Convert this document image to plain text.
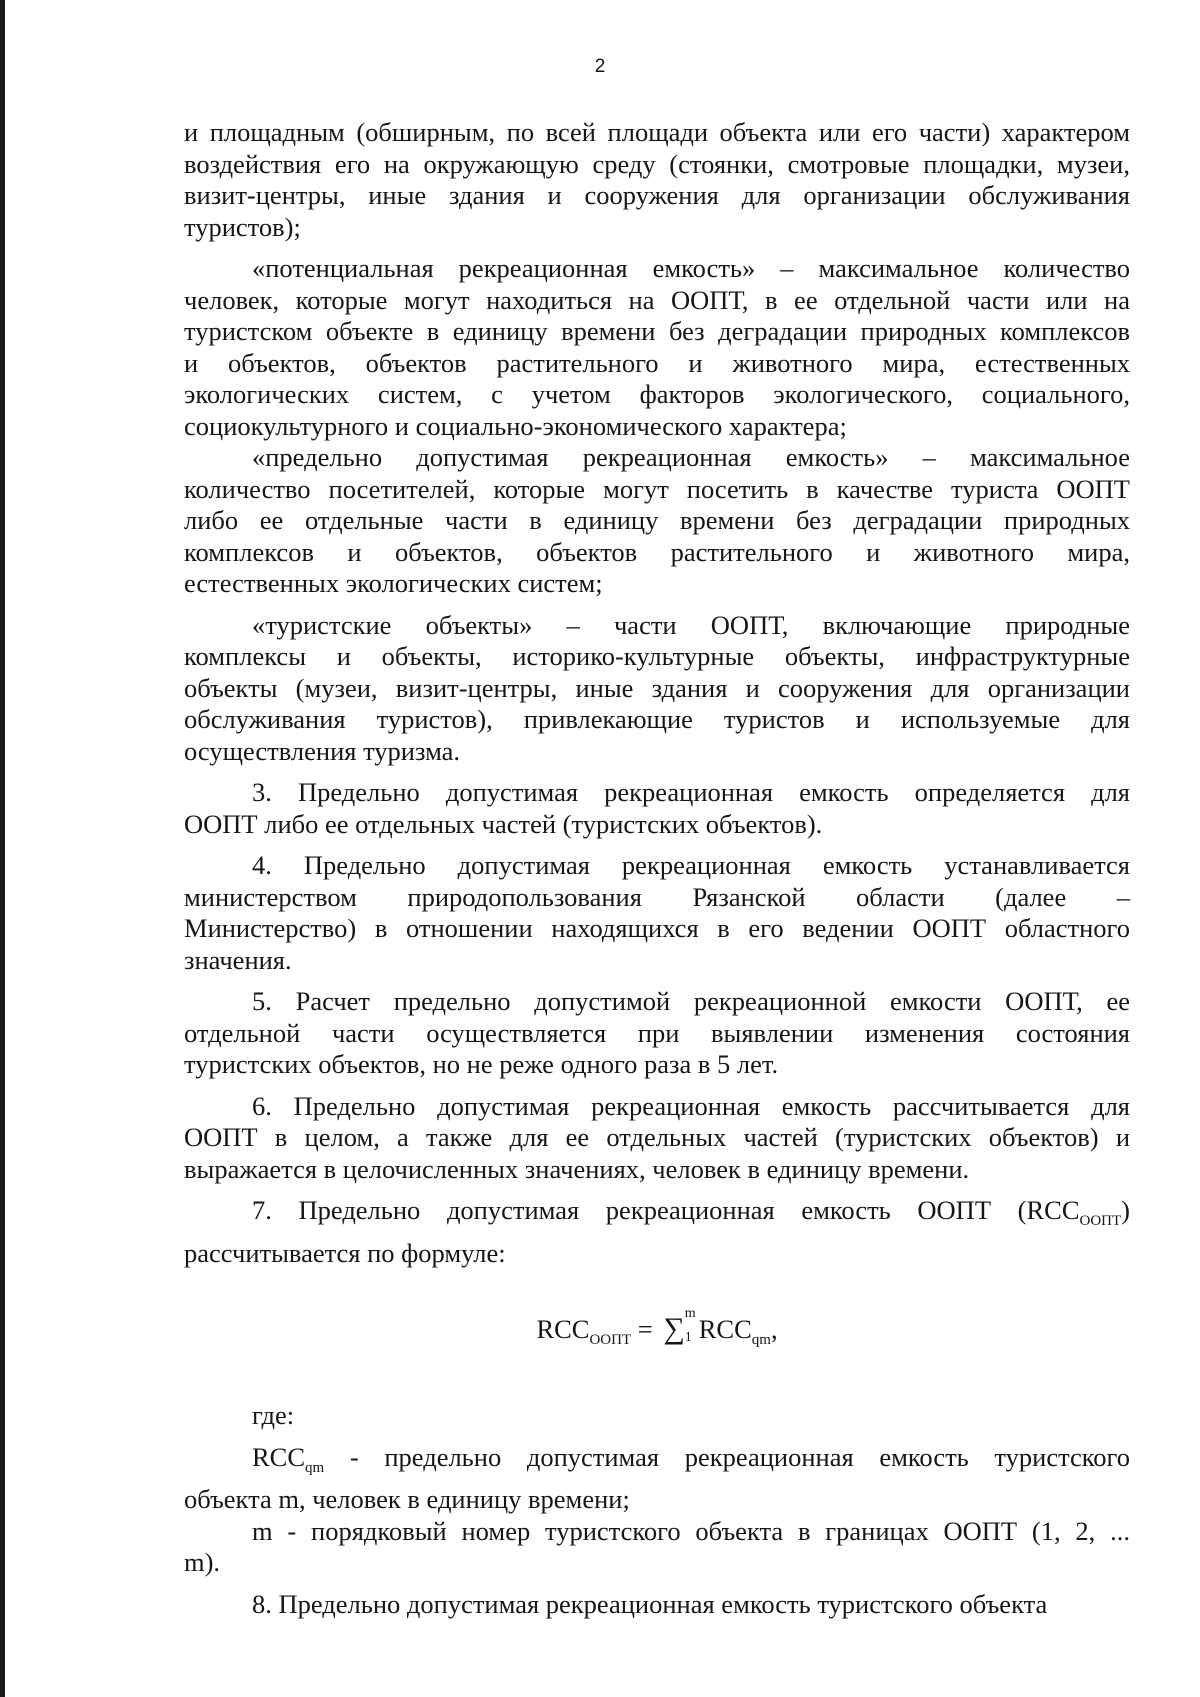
2

и площадным (обширным, по всей площади объекта или его части) характером

воздействия его на окружающую среду (стоянки, смотровые площадки, музеи,

визит-центры, иные здания и сооружения для организации обслуживания

туристов);

«потенциальная рекреационная емкость» – максимальное количество

человек, которые могут находиться на ООПТ, в ее отдельной части или на

туристском объекте в единицу времени без деградации природных комплексов

и объектов, объектов растительного и животного мира, естественных

экологических систем, с учетом факторов экологического, социального,

социокультурного и социально-экономического характера;

«предельно допустимая рекреационная емкость» – максимальное

количество посетителей, которые могут посетить в качестве туриста ООПТ

либо ее отдельные части в единицу времени без деградации природных

комплексов и объектов, объектов растительного и животного мира,

естественных экологических систем;

«туристские объекты» – части ООПТ, включающие природные

комплексы и объекты, историко-культурные объекты, инфраструктурные

объекты (музеи, визит-центры, иные здания и сооружения для организации

обслуживания туристов), привлекающие туристов и используемые для

осуществления туризма.

3. Предельно допустимая рекреационная емкость определяется для

ООПТ либо ее отдельных частей (туристских объектов).

4. Предельно допустимая рекреационная емкость устанавливается

министерством природопользования Рязанской области (далее –

Министерство) в отношении находящихся в его ведении ООПТ областного

значения.

5. Расчет предельно допустимой рекреационной емкости ООПТ, ее

отдельной части осуществляется при выявлении изменения состояния

туристских объектов, но не реже одного раза в 5 лет.

6. Предельно допустимая рекреационная емкость рассчитывается для

ООПТ в целом, а также для ее отдельных частей (туристских объектов) и

выражается в целочисленных значениях, человек в единицу времени.

7. Предельно допустимая рекреационная емкость ООПТ $(RCC_{ООПТ})$

рассчитывается по формуле:

$RCC_{ООПТ}$ = ∑ m
1 $RCC_{qm}$,

где:

$RCC_{qm}$ - предельно допустимая рекреационная емкость туристского

объекта m, человек в единицу времени;

m - порядковый номер туристского объекта в границах ООПТ (1, 2, ...

m).

8. Предельно допустимая рекреационная емкость туристского объекта
